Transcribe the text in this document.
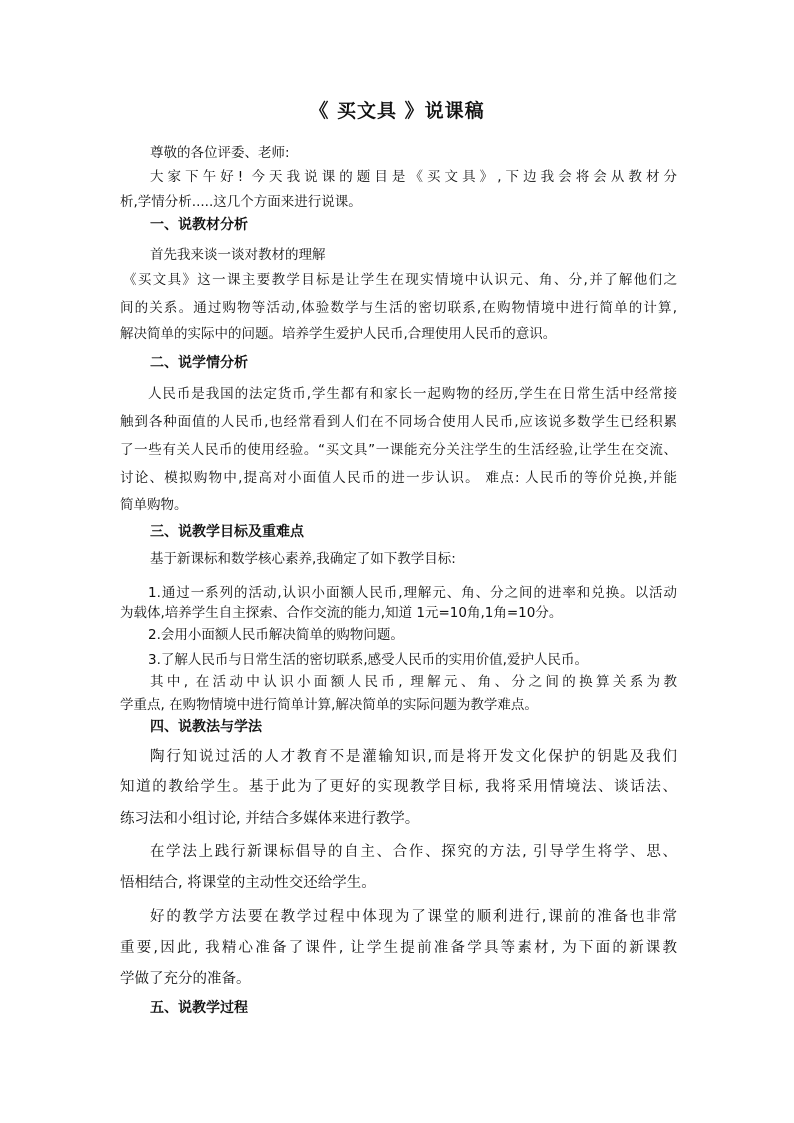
《 买文具 》说课稿
尊敬的各位评委、老师:
大家下午好! 今天我说课的题目是《买文具》,下边我会将会从教材分
析,学情分析.....这几个方面来进行说课。
一、说教材分析
首先我来谈一谈对教材的理解
《买文具》这一课主要教学目标是让学生在现实情境中认识元、角、分,并了解他们之
间的关系。通过购物等活动,体验数学与生活的密切联系,在购物情境中进行简单的计算,
解决简单的实际中的问题。培养学生爱护人民币,合理使用人民币的意识。
二、说学情分析
人民币是我国的法定货币,学生都有和家长一起购物的经历,学生在日常生活中经常接
触到各种面值的人民币,也经常看到人们在不同场合使用人民币,应该说多数学生已经积累
了一些有关人民币的使用经验。“买文具”一课能充分关注学生的生活经验,让学生在交流、
讨论、模拟购物中,提高对小面值人民币的进一步认识。 难点: 人民币的等价兑换,并能
简单购物。
三、说教学目标及重难点
基于新课标和数学核心素养,我确定了如下教学目标:
1.通过一系列的活动,认识小面额人民币,理解元、角、分之间的进率和兑换。以活动
为载体,培养学生自主探索、合作交流的能力,知道 1元=10角,1角=10分。
2.会用小面额人民币解决简单的购物问题。
3.了解人民币与日常生活的密切联系,感受人民币的实用价值,爱护人民币。
其中, 在活动中认识小面额人民币, 理解元、角、分之间的换算关系为教
学重点, 在购物情境中进行简单计算,解决简单的实际问题为教学难点。
四、说教法与学法
陶行知说过活的人才教育不是灌输知识,而是将开发文化保护的钥匙及我们
知道的教给学生。基于此为了更好的实现教学目标, 我将采用情境法、谈话法、
练习法和小组讨论, 并结合多媒体来进行教学。
在学法上践行新课标倡导的自主、合作、探究的方法, 引导学生将学、思、
悟相结合, 将课堂的主动性交还给学生。
好的教学方法要在教学过程中体现为了课堂的顺利进行,课前的准备也非常
重要,因此, 我精心准备了课件, 让学生提前准备学具等素材, 为下面的新课教
学做了充分的准备。
五、说教学过程
